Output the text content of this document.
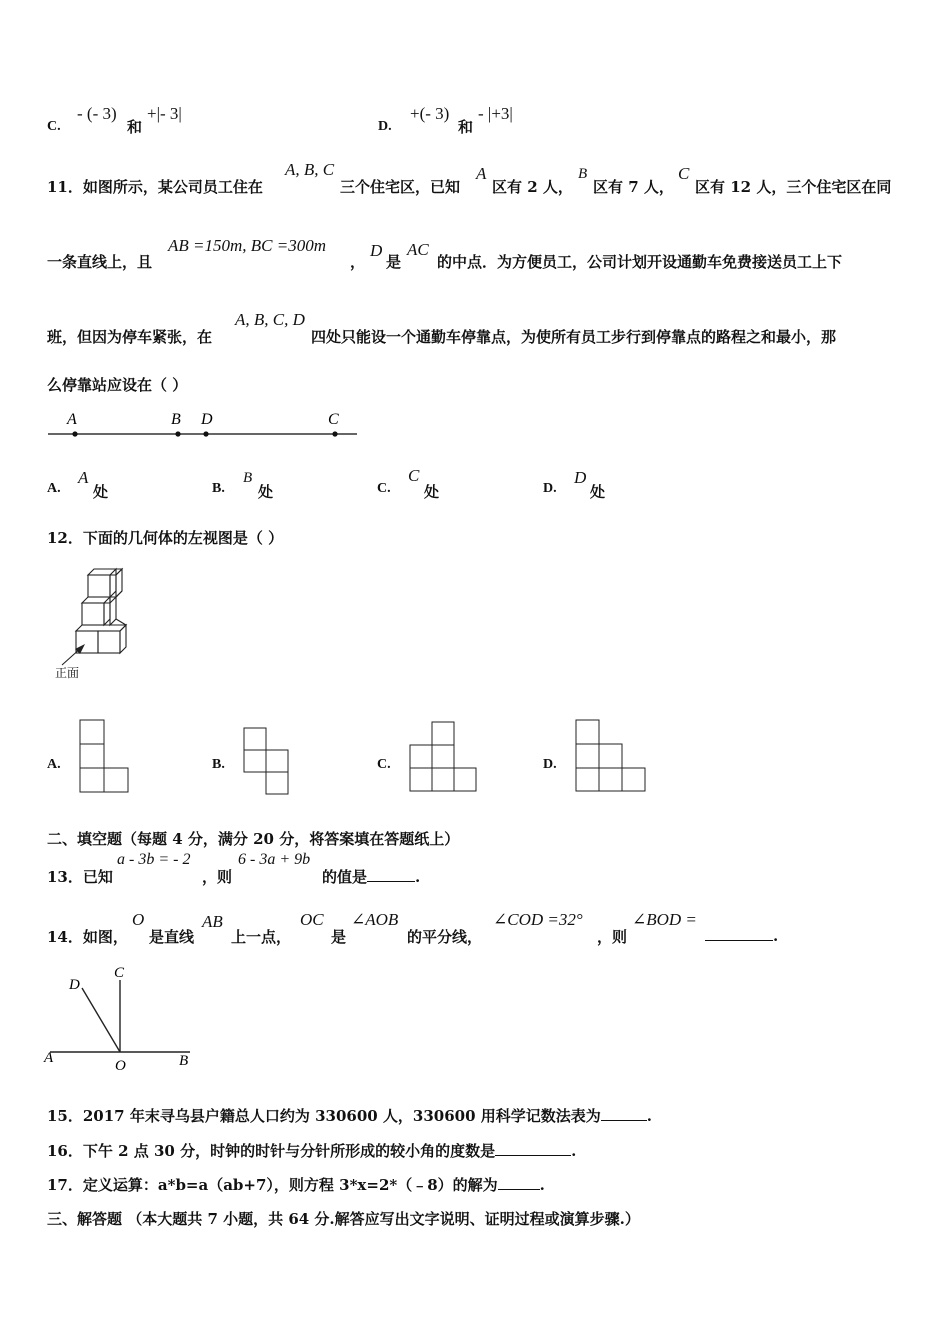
C.
- (- 3)
和
+|- 3|
D.
+(- 3)
和
- |+3|
11．如图所示，某公司员工住在
A, B, C
三个住宅区，已知
A
区有 2 人，
B
区有 7 人，
C
区有 12 人，三个住宅区在同
一条直线上，且
AB =150m, BC =300m
，
D
是
AC
的中点．为方便员工，公司计划开设通勤车免费接送员工上下
班，但因为停车紧张，在
A, B, C, D
四处只能设一个通勤车停靠点，为使所有员工步行到停靠点的路程之和最小，那
么停靠站应设在（ ）
A	B D	C
A.
A
处	B.
B
处	C.
C
处	D.
D
处
12．下面的几何体的左视图是（ ）
正面
A.	B.	C.	D.
二、填空题（每题 4 分，满分 20 分，将答案填在答题纸上）
13．已知
a - 3b = - 2
，则
6 - 3a + 9b
的值是	.
14．如图，
O
是直线
AB
上一点，
OC
是
∠AOB
的平分线，
∠COD =32°
，则
∠BOD =
.
C
D
A	O	B
15．2017 年末寻乌县户籍总人口约为 330600 人，330600 用科学记数法表为	.
16．下午 2 点 30 分，时钟的时针与分针所形成的较小角的度数是	.
17．定义运算：a*b=a（ab+7），则方程 3*x=2*（﹣8）的解为	.
三、解答题 （本大题共 7 小题，共 64 分.解答应写出文字说明、证明过程或演算步骤.）
